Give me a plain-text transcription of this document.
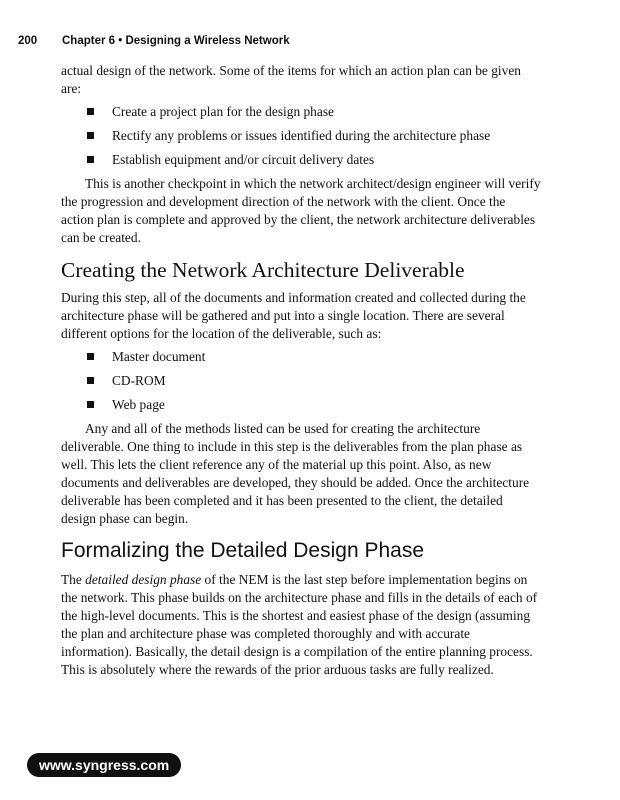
200 Chapter 6 • Designing a Wireless Network

actual design of the network. Some of the items for which an action plan can be given are:

Create a project plan for the design phase
Rectify any problems or issues identified during the architecture phase
Establish equipment and/or circuit delivery dates

This is another checkpoint in which the network architect/design engineer will verify the progression and development direction of the network with the client. Once the action plan is complete and approved by the client, the network architecture deliverables can be created.

Creating the Network Architecture Deliverable

During this step, all of the documents and information created and collected during the architecture phase will be gathered and put into a single location. There are several different options for the location of the deliverable, such as:

Master document
CD-ROM
Web page

Any and all of the methods listed can be used for creating the architecture deliverable. One thing to include in this step is the deliverables from the plan phase as well. This lets the client reference any of the material up this point. Also, as new documents and deliverables are developed, they should be added. Once the architecture deliverable has been completed and it has been presented to the client, the detailed design phase can begin.

Formalizing the Detailed Design Phase

The detailed design phase of the NEM is the last step before implementation begins on the network. This phase builds on the architecture phase and fills in the details of each of the high-level documents. This is the shortest and easiest phase of the design (assuming the plan and architecture phase was completed thoroughly and with accurate information). Basically, the detail design is a compilation of the entire planning process. This is absolutely where the rewards of the prior arduous tasks are fully realized.

www.syngress.com
